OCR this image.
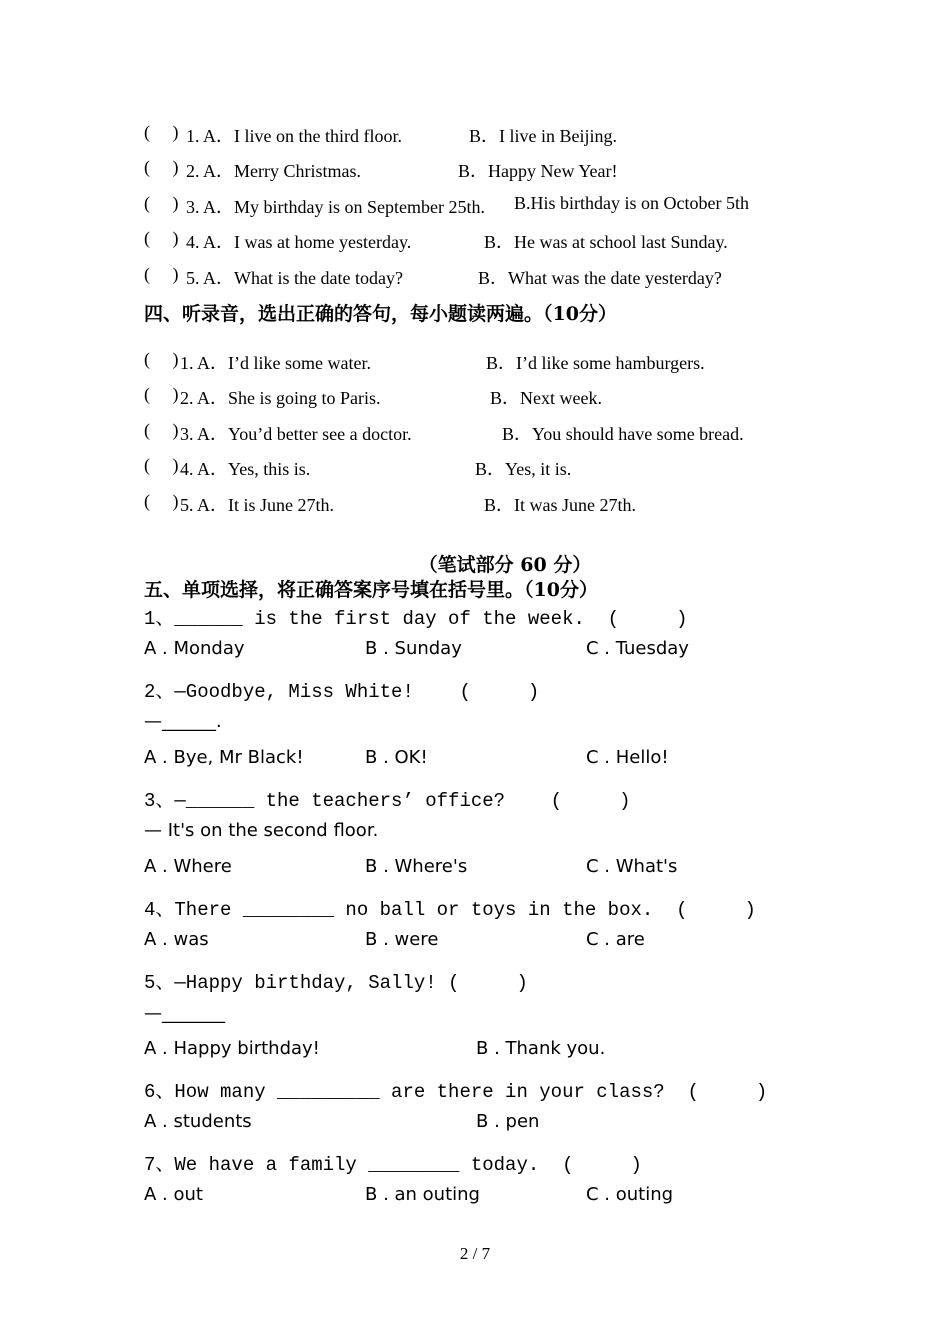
(     ) 1. A．I live on the third floor.	B．I live in Beijing.
(     ) 2. A．Merry Christmas.	B．Happy New Year!
(     ) 3. A．My birthday is on September 25th. B.His birthday is on October 5th
(     ) 4. A．I was at home yesterday.	B．He was at school last Sunday.
(     ) 5. A．What is the date today?	B．What was the date yesterday?
四、听录音，选出正确的答句，每小题读两遍。（10分）
(     ) 1. A．I’d like some water.	B．I’d like some hamburgers.
(     ) 2. A．She is going to Paris.	B．Next week.
(     ) 3. A．You’d better see a doctor.	B．You should have some bread.
(     ) 4. A．Yes, this is.	B．Yes, it is.
(     ) 5. A．It is June 27th.	B．It was June 27th.
（笔试部分 60 分）
五、单项选择，将正确答案序号填在括号里。（10分）
1、______ is the first day of the week.  (     )
A . Monday	B . Sunday	C . Tuesday
2、—Goodbye, Miss White!    (     )
—______.
A . Bye, Mr Black!	B . OK!	C . Hello!
3、—______ the teachers’ office?    (     )
— It's on the second floor.
A . Where	B . Where's	C . What's
4、There ________ no ball or toys in the box.  (     )
A . was	B . were	C . are
5、—Happy birthday, Sally! (     )
—_______
A . Happy birthday!	B . Thank you.
6、How many _________ are there in your class?  (     )
A . students	B . pen
7、We have a family ________ today.  (     )
A . out	B . an outing	C . outing
2 / 7
